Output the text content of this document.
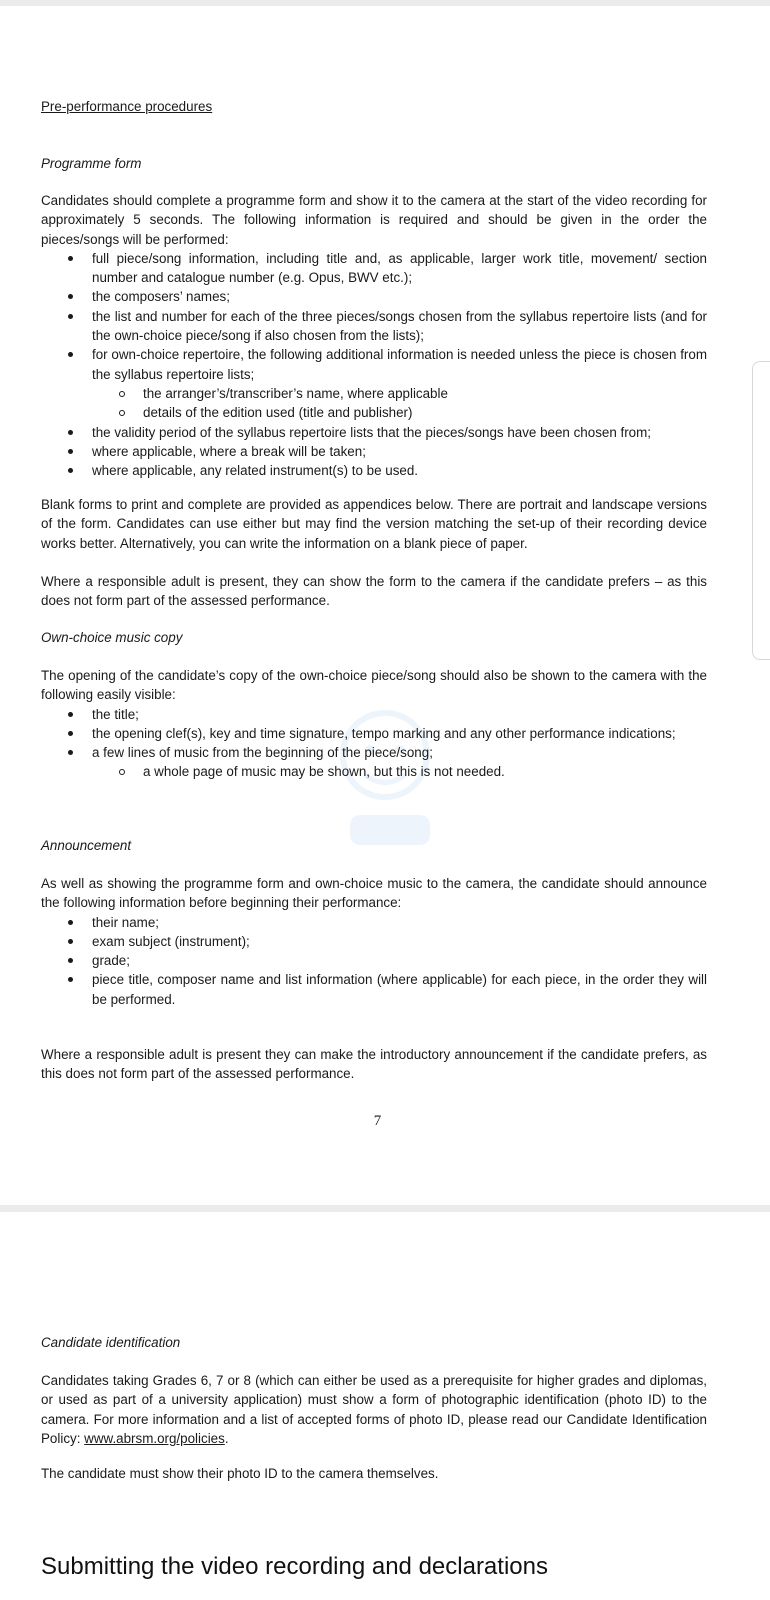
Pre-performance procedures
Programme form

Candidates should complete a programme form and show it to the camera at the start of the video recording for approximately 5 seconds. The following information is required and should be given in the order the pieces/songs will be performed:

full piece/song information, including title and, as applicable, larger work title, movement/ section number and catalogue number (e.g. Opus, BWV etc.);
the composers’ names;
the list and number for each of the three pieces/songs chosen from the syllabus repertoire lists (and for the own-choice piece/song if also chosen from the lists);
for own-choice repertoire, the following additional information is needed unless the piece is chosen from the syllabus repertoire lists;
the arranger’s/transcriber’s name, where applicable
details of the edition used (title and publisher)
the validity period of the syllabus repertoire lists that the pieces/songs have been chosen from;
where applicable, where a break will be taken;
where applicable, any related instrument(s) to be used.
Blank forms to print and complete are provided as appendices below. There are portrait and landscape versions of the form. Candidates can use either but may find the version matching the set-up of their recording device works better. Alternatively, you can write the information on a blank piece of paper.
Where a responsible adult is present, they can show the form to the camera if the candidate prefers – as this does not form part of the assessed performance.
Own-choice music copy

The opening of the candidate’s copy of the own-choice piece/song should also be shown to the camera with the following easily visible:

the title;
the opening clef(s), key and time signature, tempo marking and any other performance indications;
a few lines of music from the beginning of the piece/song;
a whole page of music may be shown, but this is not needed.
Announcement

As well as showing the programme form and own-choice music to the camera, the candidate should announce the following information before beginning their performance:

their name;
exam subject (instrument);
grade;
piece title, composer name and list information (where applicable) for each piece, in the order they will be performed.
Where a responsible adult is present they can make the introductory announcement if the candidate prefers, as this does not form part of the assessed performance.
7
Candidate identification
Candidates taking Grades 6, 7 or 8 (which can either be used as a prerequisite for higher grades and diplomas, or used as part of a university application) must show a form of photographic identification (photo ID) to the camera. For more information and a list of accepted forms of photo ID, please read our Candidate Identification Policy: www.abrsm.org/policies.
The candidate must show their photo ID to the camera themselves.
Submitting the video recording and declarations
